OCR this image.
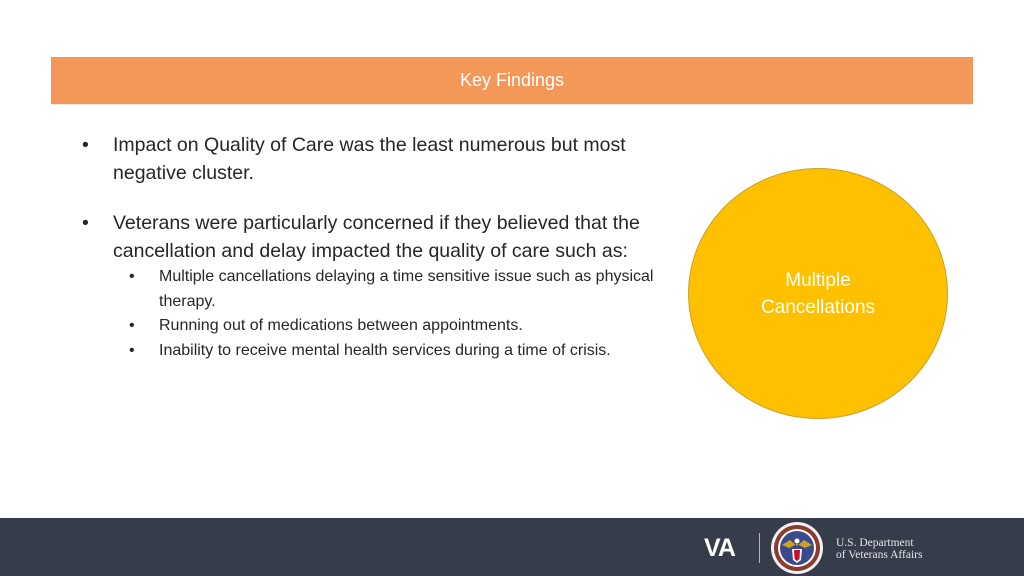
Key Findings
•	Impact on Quality of Care was the least numerous but most negative cluster.
•	Veterans were particularly concerned if they believed that the cancellation and delay impacted the quality of care such as:
•	Multiple cancellations delaying a time sensitive issue such as physical therapy.
•	Running out of medications between appointments.
•	Inability to receive mental health services during a time of crisis.
Multiple Cancellations
VA	U.S. Department
of Veterans Affairs
